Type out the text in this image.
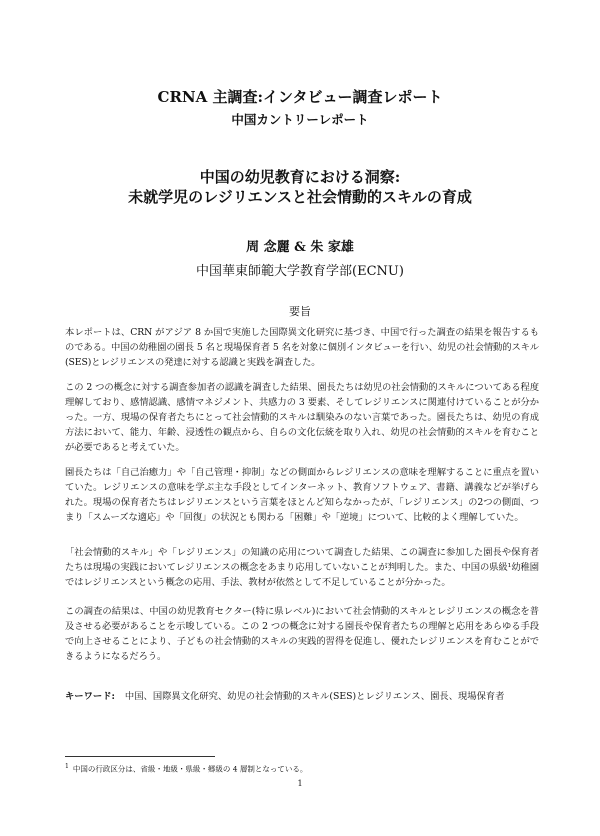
CRNA 主調査:インタビュー調査レポート
中国カントリーレポート
中国の幼児教育における洞察:
未就学児のレジリエンスと社会情動的スキルの育成
周 念麗 & 朱 家雄
中国華東師範大学教育学部(ECNU)
要旨

本レポートは、CRN がアジア 8 か国で実施した国際異文化研究に基づき、中国で行った調査の結果を報告するものである。中国の幼稚園の園長 5 名と現場保育者 5 名を対象に個別インタビューを行い、幼児の社会情動的スキル(SES)とレジリエンスの発達に対する認識と実践を調査した。

この 2 つの概念に対する調査参加者の認識を調査した結果、園長たちは幼児の社会情動的スキルについてある程度理解しており、感情認識、感情マネジメント、共感力の 3 要素、そしてレジリエンスに関連付けていることが分かった。一方、現場の保育者たちにとって社会情動的スキルは馴染みのない言葉であった。園長たちは、幼児の育成方法において、能力、年齢、浸透性の観点から、自らの文化伝統を取り入れ、幼児の社会情動的スキルを育むことが必要であると考えていた。

園長たちは「自己治癒力」や「自己管理・抑制」などの側面からレジリエンスの意味を理解することに重点を置いていた。レジリエンスの意味を学ぶ主な手段としてインターネット、教育ソフトウェア、書籍、講義などが挙げられた。現場の保育者たちはレジリエンスという言葉をほとんど知らなかったが、「レジリエンス」の2つの側面、つまり「スムーズな適応」や「回復」の状況とも関わる「困難」や「逆境」について、比較的よく理解していた。

「社会情動的スキル」や「レジリエンス」の知識の応用について調査した結果、この調査に参加した園長や保育者たちは現場の実践においてレジリエンスの概念をあまり応用していないことが判明した。また、中国の県級¹幼稚園ではレジリエンスという概念の応用、手法、教材が依然として不足していることが分かった。

この調査の結果は、中国の幼児教育セクター(特に県レベル)において社会情動的スキルとレジリエンスの概念を普及させる必要があることを示唆している。この 2 つの概念に対する園長や保育者たちの理解と応用をあらゆる手段で向上させることにより、子どもの社会情動的スキルの実践的習得を促進し、優れたレジリエンスを育むことができるようになるだろう。

キーワード: 中国、国際異文化研究、幼児の社会情動的スキル(SES)とレジリエンス、園長、現場保育者
$^1$ 中国の行政区分は、省級・地級・県級・郷級の 4 層制となっている。
1
